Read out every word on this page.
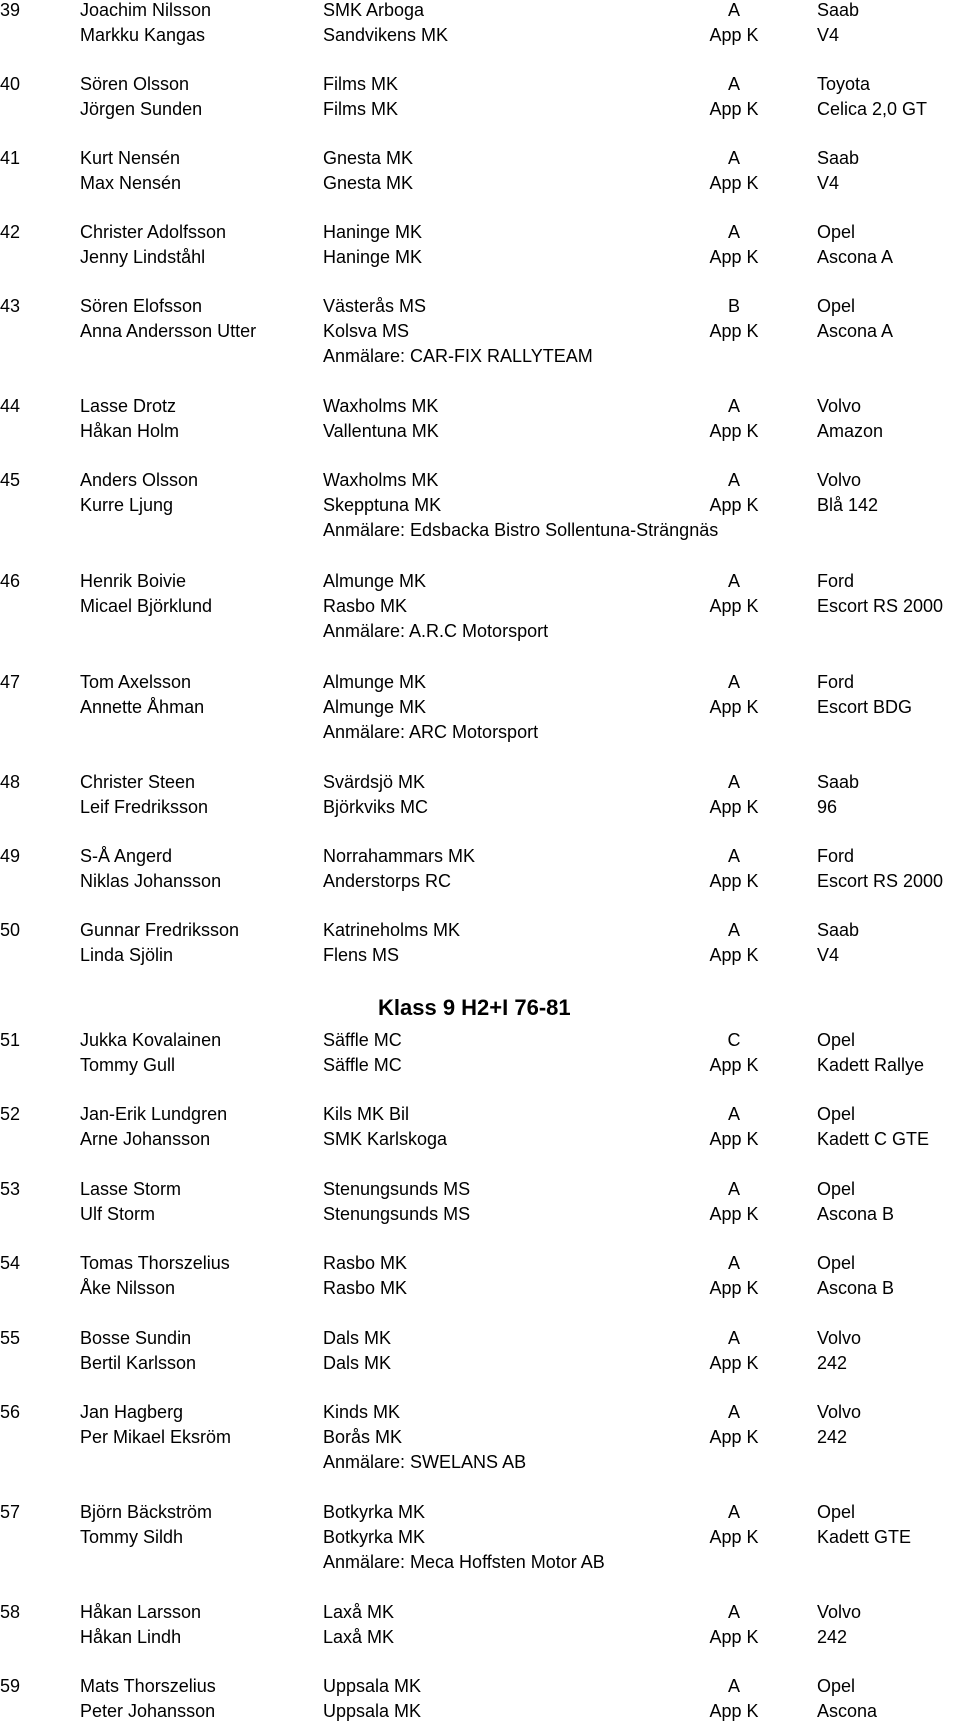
Klass 9 H2+I 76-81
39	Joachim Nilsson	SMK Arboga	A	Saab
Markku Kangas	Sandvikens MK	App K	V4
40	Sören Olsson	Films MK	A	Toyota
Jörgen Sunden	Films MK	App K	Celica 2,0 GT
41	Kurt Nensén	Gnesta MK	A	Saab
Max Nensén	Gnesta MK	App K	V4
42	Christer Adolfsson	Haninge MK	A	Opel
Jenny Lindståhl	Haninge MK	App K	Ascona A
43	Sören Elofsson	Västerås MS	B	Opel
Anna Andersson Utter	Kolsva MS	App K	Ascona A
Anmälare: CAR-FIX RALLYTEAM
44	Lasse Drotz	Waxholms MK	A	Volvo
Håkan Holm	Vallentuna MK	App K	Amazon
45	Anders Olsson	Waxholms MK	A	Volvo
Kurre Ljung	Skepptuna MK	App K	Blå 142
Anmälare: Edsbacka Bistro Sollentuna-Strängnäs
46	Henrik Boivie	Almunge MK	A	Ford
Micael Björklund	Rasbo MK	App K	Escort RS 2000
Anmälare: A.R.C Motorsport
47	Tom Axelsson	Almunge MK	A	Ford
Annette Åhman	Almunge MK	App K	Escort BDG
Anmälare: ARC Motorsport
48	Christer Steen	Svärdsjö MK	A	Saab
Leif Fredriksson	Björkviks MC	App K	96
49	S-Å Angerd	Norrahammars MK	A	Ford
Niklas Johansson	Anderstorps RC	App K	Escort RS 2000
50	Gunnar Fredriksson	Katrineholms MK	A	Saab
Linda Sjölin	Flens MS	App K	V4
51	Jukka Kovalainen	Säffle MC	C	Opel
Tommy Gull	Säffle MC	App K	Kadett Rallye
52	Jan-Erik Lundgren	Kils MK Bil	A	Opel
Arne Johansson	SMK Karlskoga	App K	Kadett C GTE
53	Lasse Storm	Stenungsunds MS	A	Opel
Ulf Storm	Stenungsunds MS	App K	Ascona B
54	Tomas Thorszelius	Rasbo MK	A	Opel
Åke Nilsson	Rasbo MK	App K	Ascona B
55	Bosse Sundin	Dals MK	A	Volvo
Bertil Karlsson	Dals MK	App K	242
56	Jan Hagberg	Kinds MK	A	Volvo
Per Mikael Eksröm	Borås MK	App K	242
Anmälare: SWELANS AB
57	Björn Bäckström	Botkyrka MK	A	Opel
Tommy Sildh	Botkyrka MK	App K	Kadett GTE
Anmälare: Meca Hoffsten Motor AB
58	Håkan Larsson	Laxå MK	A	Volvo
Håkan Lindh	Laxå MK	App K	242
59	Mats Thorszelius	Uppsala MK	A	Opel
Peter Johansson	Uppsala MK	App K	Ascona
